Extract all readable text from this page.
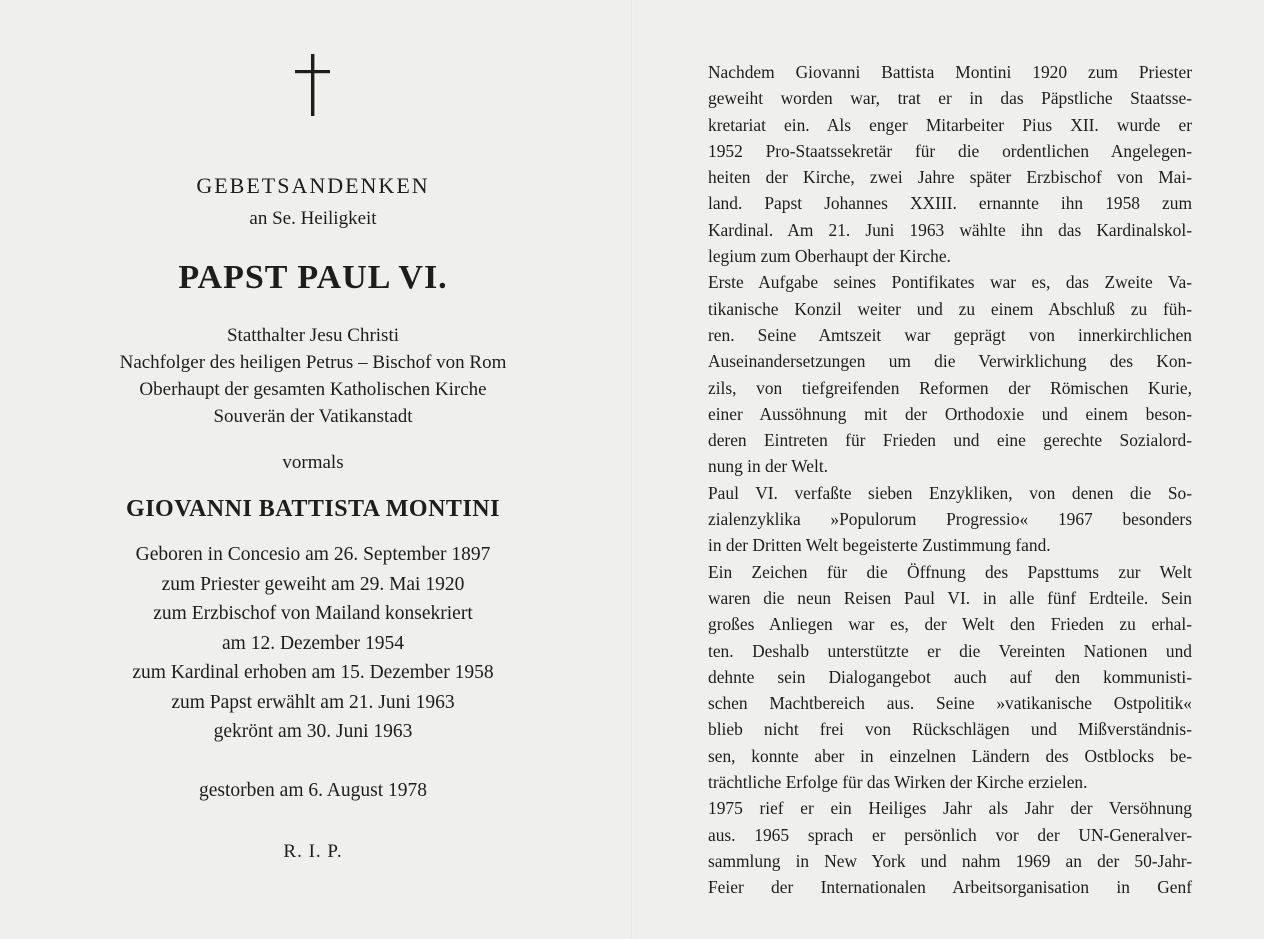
GEBETSANDENKEN
an Se. Heiligkeit
PAPST PAUL VI.
Statthalter Jesu Christi
Nachfolger des heiligen Petrus – Bischof von Rom
Oberhaupt der gesamten Katholischen Kirche
Souverän der Vatikanstadt
vormals
GIOVANNI BATTISTA MONTINI
Geboren in Concesio am 26. September 1897
zum Priester geweiht am 29. Mai 1920
zum Erzbischof von Mailand konsekriert
am 12. Dezember 1954
zum Kardinal erhoben am 15. Dezember 1958
zum Papst erwählt am 21. Juni 1963
gekrönt am 30. Juni 1963
gestorben am 6. August 1978
R. I. P.
Nachdem Giovanni Battista Montini 1920 zum Priester
geweiht worden war, trat er in das Päpstliche Staatsse-
kretariat ein. Als enger Mitarbeiter Pius XII. wurde er
1952 Pro-Staatssekretär für die ordentlichen Angelegen-
heiten der Kirche, zwei Jahre später Erzbischof von Mai-
land. Papst Johannes XXIII. ernannte ihn 1958 zum
Kardinal. Am 21. Juni 1963 wählte ihn das Kardinalskol-
legium zum Oberhaupt der Kirche.
Erste Aufgabe seines Pontifikates war es, das Zweite Va-
tikanische Konzil weiter und zu einem Abschluß zu füh-
ren. Seine Amtszeit war geprägt von innerkirchlichen
Auseinandersetzungen um die Verwirklichung des Kon-
zils, von tiefgreifenden Reformen der Römischen Kurie,
einer Aussöhnung mit der Orthodoxie und einem beson-
deren Eintreten für Frieden und eine gerechte Sozialord-
nung in der Welt.
Paul VI. verfaßte sieben Enzykliken, von denen die So-
zialenzyklika »Populorum Progressio« 1967 besonders
in der Dritten Welt begeisterte Zustimmung fand.
Ein Zeichen für die Öffnung des Papsttums zur Welt
waren die neun Reisen Paul VI. in alle fünf Erdteile. Sein
großes Anliegen war es, der Welt den Frieden zu erhal-
ten. Deshalb unterstützte er die Vereinten Nationen und
dehnte sein Dialogangebot auch auf den kommunisti-
schen Machtbereich aus. Seine »vatikanische Ostpolitik«
blieb nicht frei von Rückschlägen und Mißverständnis-
sen, konnte aber in einzelnen Ländern des Ostblocks be-
trächtliche Erfolge für das Wirken der Kirche erzielen.
1975 rief er ein Heiliges Jahr als Jahr der Versöhnung
aus. 1965 sprach er persönlich vor der UN-Generalver-
sammlung in New York und nahm 1969 an der 50-Jahr-
Feier der Internationalen Arbeitsorganisation in Genf
